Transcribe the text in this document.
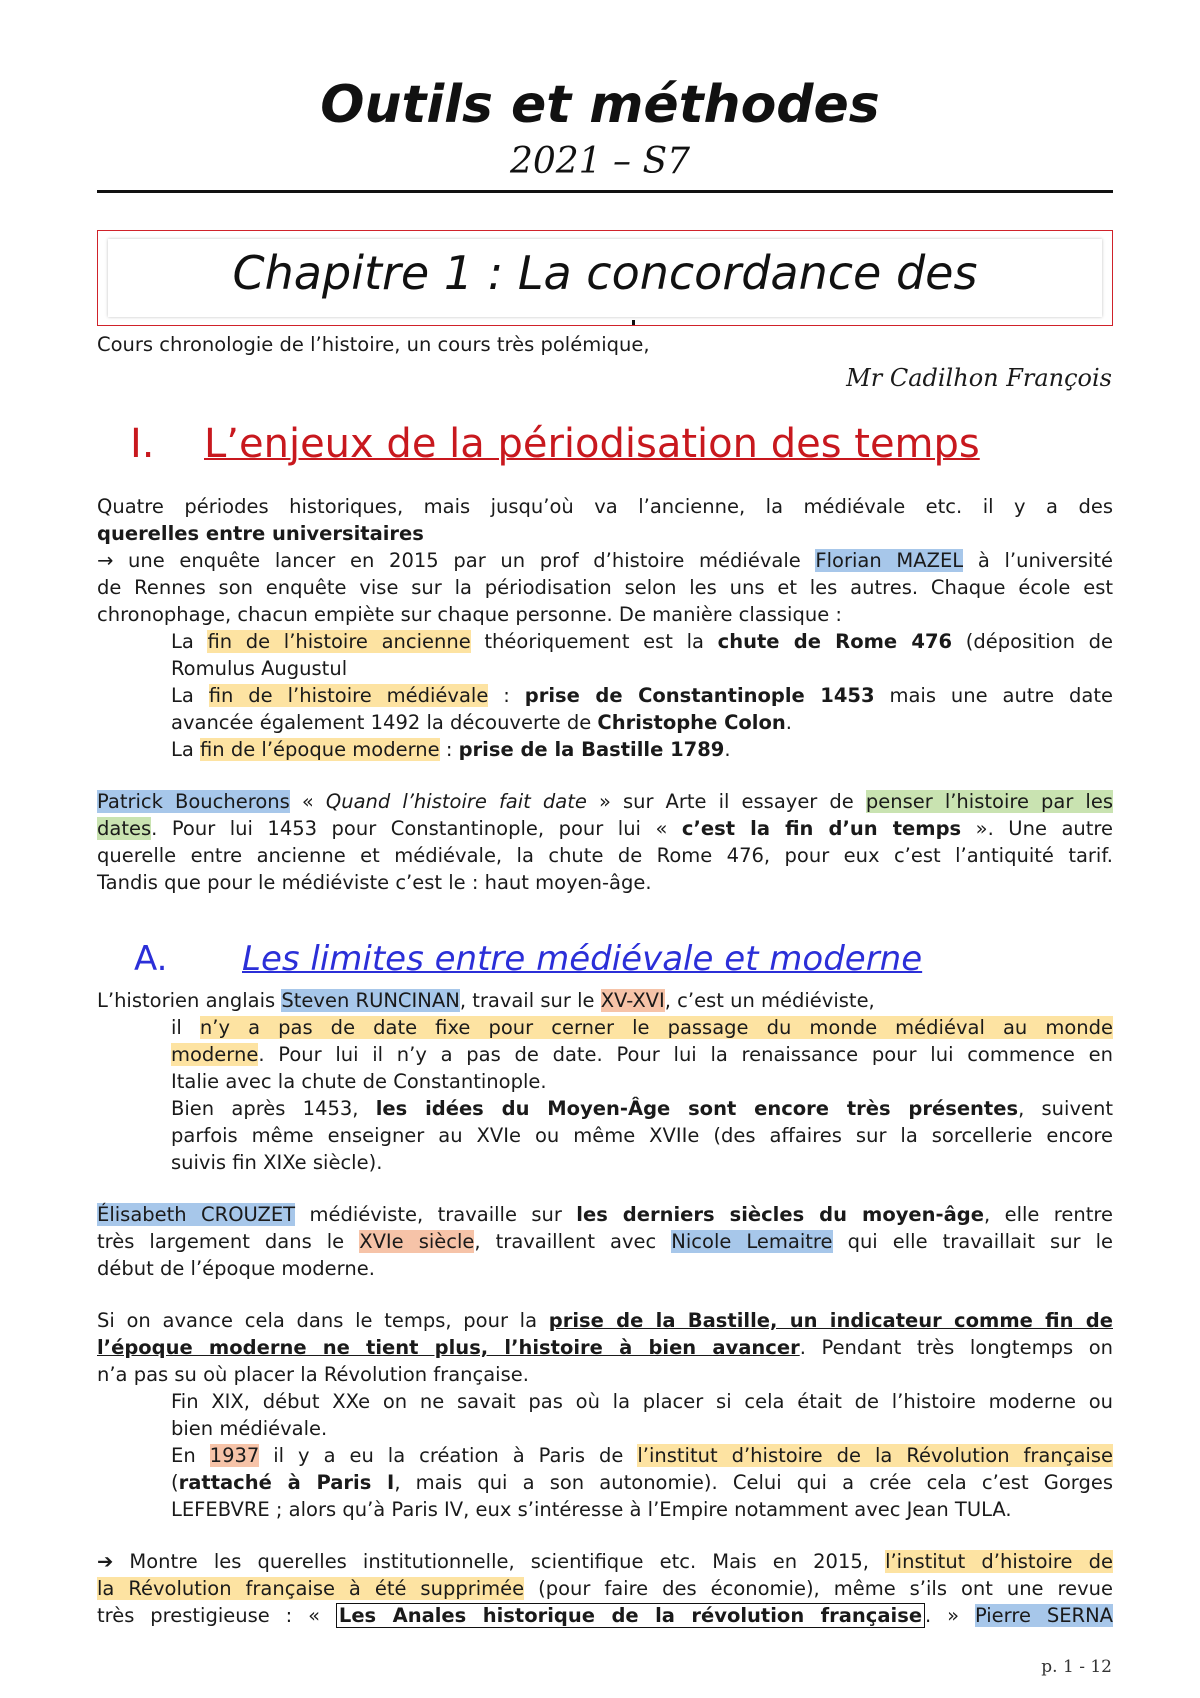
Outils et méthodes
2021 – S7
Chapitre 1 : La concordance des
Cours chronologie de l’histoire, un cours très polémique,
Mr Cadilhon François
I. L’enjeux de la périodisation des temps
Quatre périodes historiques, mais jusqu’où va l’ancienne, la médiévale etc. il y a des
querelles entre universitaires
→ une enquête lancer en 2015 par un prof d’histoire médiévale Florian MAZEL à l’université
de Rennes son enquête vise sur la périodisation selon les uns et les autres. Chaque école est
chronophage, chacun empiète sur chaque personne. De manière classique :
La fin de l’histoire ancienne théoriquement est la chute de Rome 476 (déposition de
Romulus Augustul
La fin de l’histoire médiévale : prise de Constantinople 1453 mais une autre date
avancée également 1492 la découverte de Christophe Colon.
La fin de l’époque moderne : prise de la Bastille 1789.
Patrick Boucherons « Quand l’histoire fait date » sur Arte il essayer de penser l’histoire par les
dates. Pour lui 1453 pour Constantinople, pour lui « c’est la fin d’un temps ». Une autre
querelle entre ancienne et médiévale, la chute de Rome 476, pour eux c’est l’antiquité tarif.
Tandis que pour le médiéviste c’est le : haut moyen-âge.
A. Les limites entre médiévale et moderne
L’historien anglais Steven RUNCINAN, travail sur le XV-XVI, c’est un médiéviste,
il n’y a pas de date fixe pour cerner le passage du monde médiéval au monde
moderne. Pour lui il n’y a pas de date. Pour lui la renaissance pour lui commence en
Italie avec la chute de Constantinople.
Bien après 1453, les idées du Moyen-Âge sont encore très présentes, suivent
parfois même enseigner au XVIe ou même XVIIe (des affaires sur la sorcellerie encore
suivis fin XIXe siècle).
Élisabeth CROUZET médiéviste, travaille sur les derniers siècles du moyen-âge, elle rentre
très largement dans le XVIe siècle, travaillent avec Nicole Lemaitre qui elle travaillait sur le
début de l’époque moderne.
Si on avance cela dans le temps, pour la prise de la Bastille, un indicateur comme fin de
l’époque moderne ne tient plus, l’histoire à bien avancer. Pendant très longtemps on
n’a pas su où placer la Révolution française.
Fin XIX, début XXe on ne savait pas où la placer si cela était de l’histoire moderne ou
bien médiévale.
En 1937 il y a eu la création à Paris de l’institut d’histoire de la Révolution française
(rattaché à Paris I, mais qui a son autonomie). Celui qui a crée cela c’est Gorges
LEFEBVRE ; alors qu’à Paris IV, eux s’intéresse à l’Empire notamment avec Jean TULA.
➔ Montre les querelles institutionnelle, scientifique etc. Mais en 2015, l’institut d’histoire de
la Révolution française à été supprimée (pour faire des économie), même s’ils ont une revue
très prestigieuse : « Les Anales historique de la révolution française . » Pierre SERNA
p. 1 - 12
